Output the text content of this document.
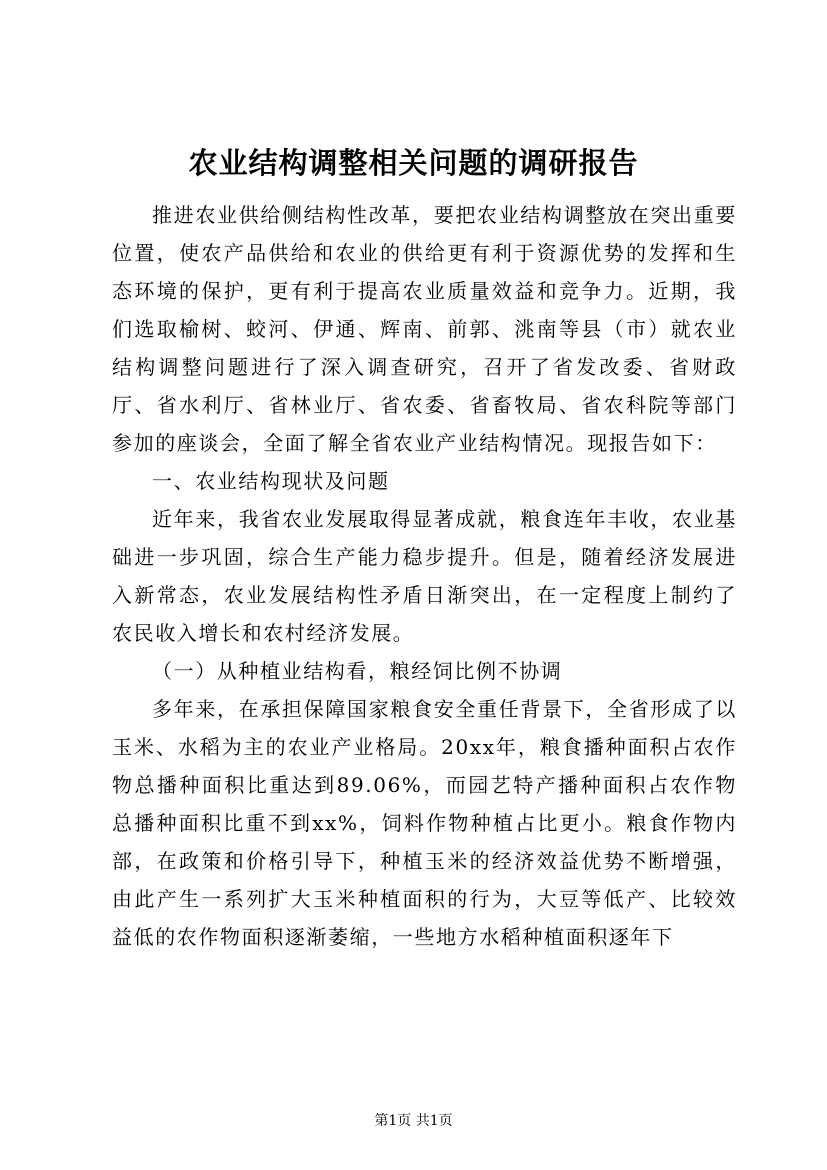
农业结构调整相关问题的调研报告

推进农业供给侧结构性改革，要把农业结构调整放在突出重要位置，使农产品供给和农业的供给更有利于资源优势的发挥和生态环境的保护，更有利于提高农业质量效益和竞争力。近期，我们选取榆树、蛟河、伊通、辉南、前郭、洮南等县（市）就农业结构调整问题进行了深入调查研究，召开了省发改委、省财政厅、省水利厅、省林业厅、省农委、省畜牧局、省农科院等部门参加的座谈会，全面了解全省农业产业结构情况。现报告如下：

一、农业结构现状及问题

近年来，我省农业发展取得显著成就，粮食连年丰收，农业基础进一步巩固，综合生产能力稳步提升。但是，随着经济发展进入新常态，农业发展结构性矛盾日渐突出，在一定程度上制约了农民收入增长和农村经济发展。

（一）从种植业结构看，粮经饲比例不协调

多年来，在承担保障国家粮食安全重任背景下，全省形成了以玉米、水稻为主的农业产业格局。20xx年，粮食播种面积占农作物总播种面积比重达到89.06%，而园艺特产播种面积占农作物总播种面积比重不到xx%，饲料作物种植占比更小。粮食作物内部，在政策和价格引导下，种植玉米的经济效益优势不断增强，由此产生一系列扩大玉米种植面积的行为，大豆等低产、比较效益低的农作物面积逐渐萎缩，一些地方水稻种植面积逐年下

第1页 共1页
